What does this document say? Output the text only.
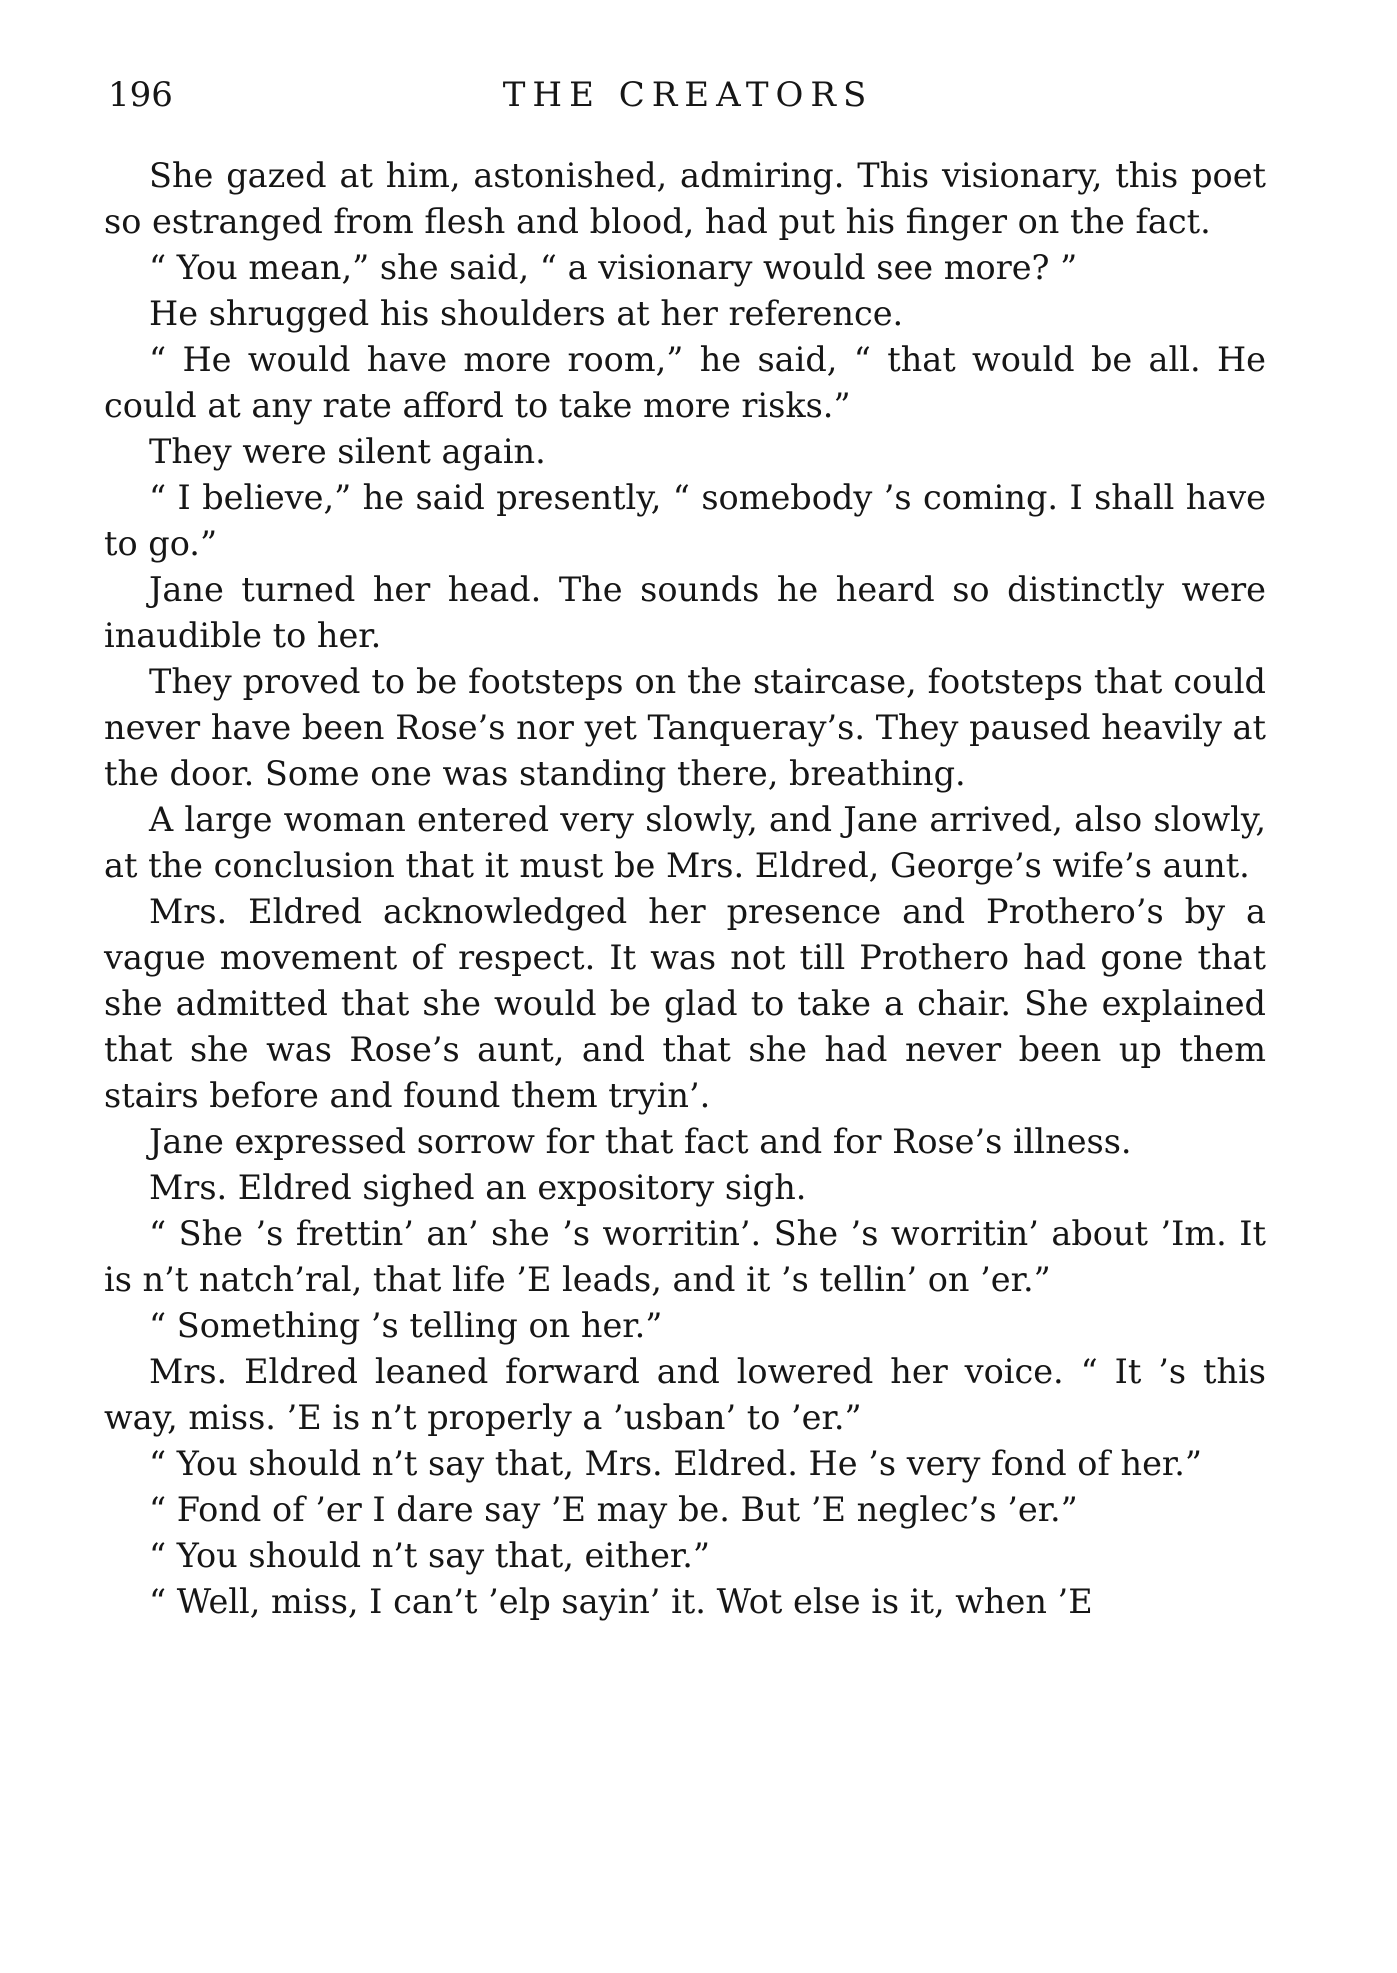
196	THE CREATORS

She gazed at him, astonished, admiring. This visionary, this poet so estranged from flesh and blood, had put his finger on the fact.

“ You mean,” she said, “ a visionary would see more? ”

He shrugged his shoulders at her reference.

“ He would have more room,” he said, “ that would be all. He could at any rate afford to take more risks.”

They were silent again.

“ I believe,” he said presently, “ somebody ’s coming. I shall have to go.”

Jane turned her head. The sounds he heard so distinctly were inaudible to her.

They proved to be footsteps on the staircase, footsteps that could never have been Rose’s nor yet Tanqueray’s. They paused heavily at the door. Some one was standing there, breathing.

A large woman entered very slowly, and Jane arrived, also slowly, at the conclusion that it must be Mrs. Eldred, George’s wife’s aunt.

Mrs. Eldred acknowledged her presence and Prothero’s by a vague movement of respect. It was not till Prothero had gone that she admitted that she would be glad to take a chair. She explained that she was Rose’s aunt, and that she had never been up them stairs before and found them tryin’.

Jane expressed sorrow for that fact and for Rose’s illness.

Mrs. Eldred sighed an expository sigh.

“ She ’s frettin’ an’ she ’s worritin’. She ’s worritin’ about ’Im. It is n’t natch’ral, that life ’E leads, and it ’s tellin’ on ’er.”

“ Something ’s telling on her.”

Mrs. Eldred leaned forward and lowered her voice. “ It ’s this way, miss. ’E is n’t properly a ’usban’ to ’er.”

“ You should n’t say that, Mrs. Eldred. He ’s very fond of her.”

“ Fond of ’er I dare say ’E may be. But ’E neglec’s ’er.”

“ You should n’t say that, either.”

“ Well, miss, I can’t ’elp sayin’ it. Wot else is it, when ’E
